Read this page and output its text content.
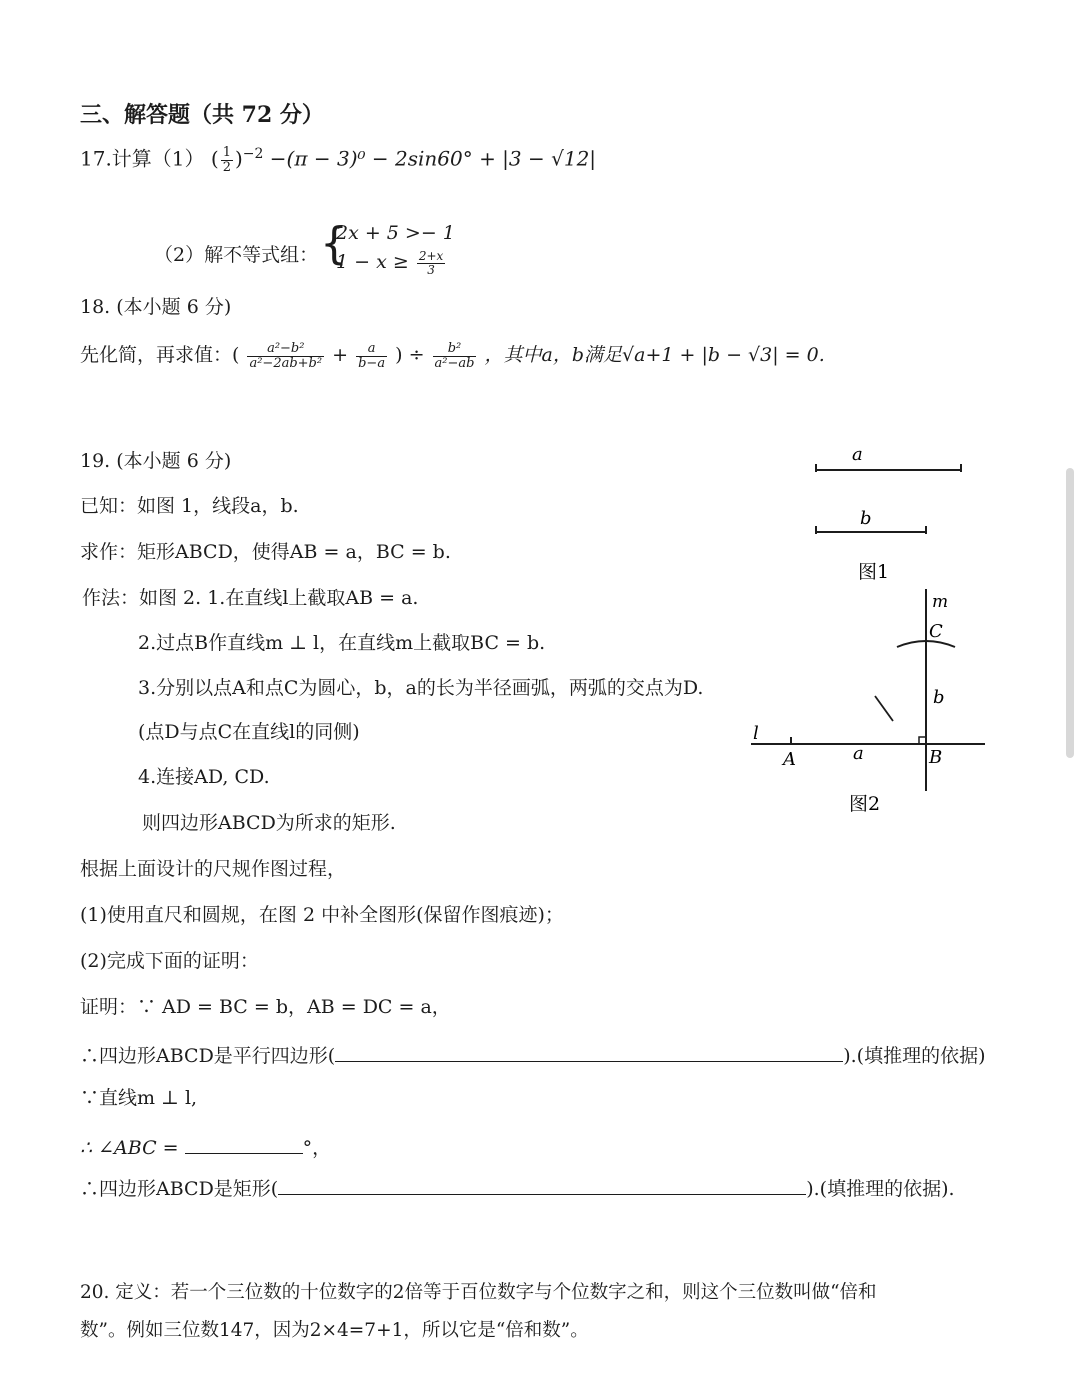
三、解答题（共 72 分）
17.计算（1） ( $\frac{1}{2} )^{-2} -(\pi - 3)^0 - 2\sin 60^\circ + |3 - √12|$
（2）解不等式组： {
2x + 5 >− 1
$1 - x \ge \frac{2+x}{3}$
18. (本小题 6 分)
先化简，再求值：( $\frac{\text{a²−b²}}{\text{a²−2ab+b²}} + \frac{a}{b-a}$ ) ÷ $\frac{\text{b²}}{\text{a²−ab}}$ ，其中a，b满足√a+1 + |b − √3| = 0.
19. (本小题 6 分)
已知：如图 1，线段a，b.
求作：矩形ABCD，使得AB = a，BC = b.
作法：如图 2. 1.在直线l上截取AB = a.
2.过点B作直线m ⊥ l，在直线m上截取BC = b.
3.分别以点A和点C为圆心，b，a的长为半径画弧，两弧的交点为D.
(点D与点C在直线l的同侧)
4.连接AD, CD.
则四边形ABCD为所求的矩形.
根据上面设计的尺规作图过程，
(1)使用直尺和圆规，在图 2 中补全图形(保留作图痕迹)；
(2)完成下面的证明：
证明：∵ AD = BC = b，AB = DC = a，
∴四边形ABCD是平行四边形(	).(填推理的依据)
∵直线m ⊥ l,
∴ ∠ABC =	°，
∴四边形ABCD是矩形(	).(填推理的依据).
a
b
图1
m
C
b
l
A	a	B
图2
20. 定义：若一个三位数的十位数字的2倍等于百位数字与个位数字之和，则这个三位数叫做“倍和
数”。例如三位数147，因为2×4=7+1，所以它是“倍和数”。
